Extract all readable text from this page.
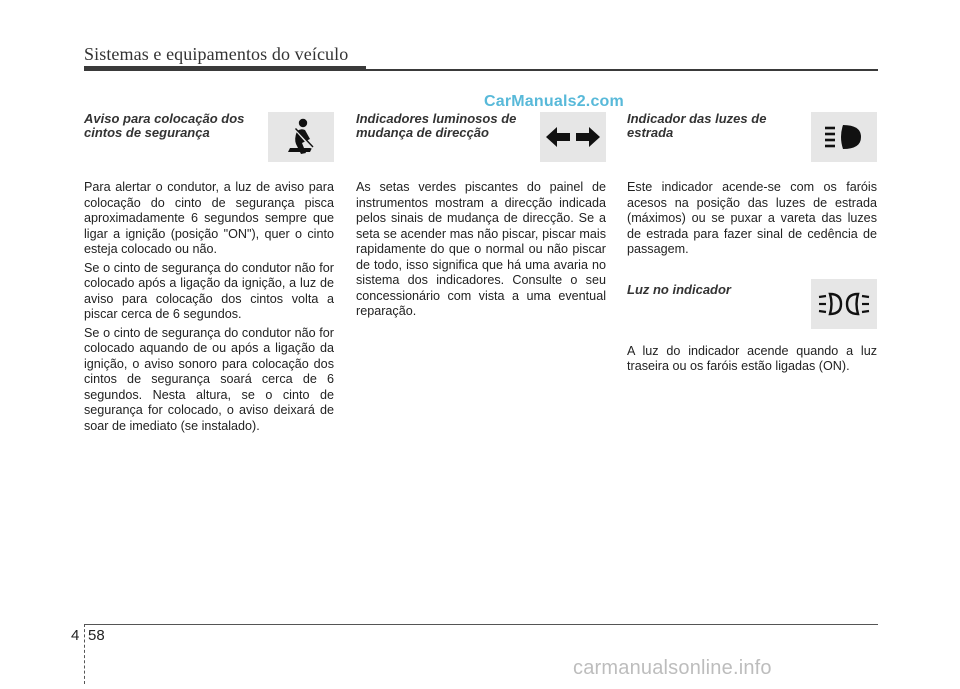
Sistemas e equipamentos do veículo
CarManuals2.com

Aviso para colocação dos cintos de segurança

Para alertar o condutor, a luz de aviso para colocação do cinto de segurança pisca aproximadamente 6 segundos sempre que ligar a ignição (posição "ON"), quer o cinto esteja colocado ou não.

Se o cinto de segurança do condutor não for colocado após a ligação da ignição, a luz de aviso para colocação dos cintos volta a piscar cerca de 6 segundos.

Se o cinto de segurança do condutor não for colocado aquando de ou após a ligação da ignição, o aviso sonoro para colocação dos cintos de segurança soará cerca de 6 segundos. Nesta altura, se o cinto de segurança for colocado, o aviso deixará de soar de imediato (se instalado).

Indicadores luminosos de mudança de direcção

As setas verdes piscantes do painel de instrumentos mostram a direcção indicada pelos sinais de mudança de direcção. Se a seta se acender mas não piscar, piscar mais rapidamente do que o normal ou não piscar de todo, isso significa que há uma avaria no sistema dos indicadores. Consulte o seu concessionário com vista a uma eventual reparação.

Indicador das luzes de estrada

Este indicador acende-se com os faróis acesos na posição das luzes de estrada (máximos) ou se puxar a vareta das luzes de estrada para fazer sinal de cedência de passagem.

Luz no indicador

A luz do indicador acende quando a luz traseira ou os faróis estão ligadas (ON).

4 58
carmanualsonline.info
